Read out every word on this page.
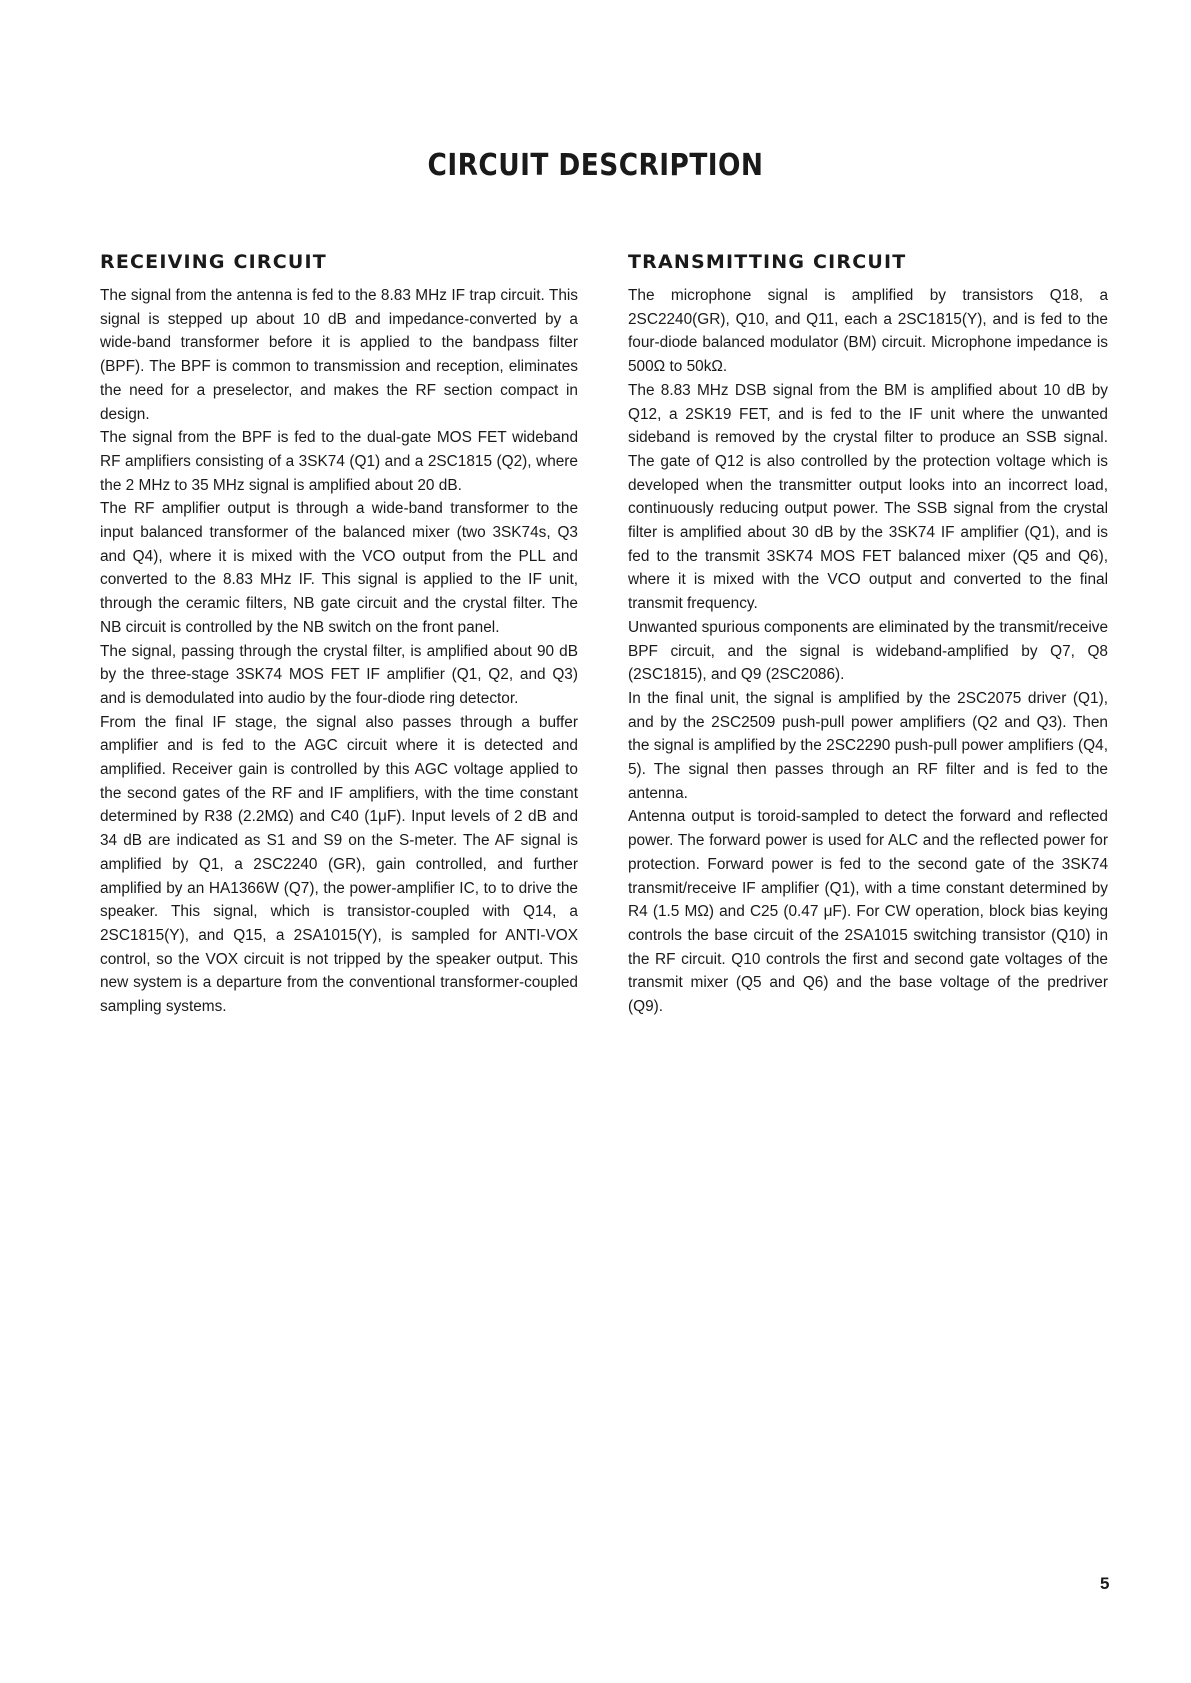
CIRCUIT DESCRIPTION
RECEIVING CIRCUIT

The signal from the antenna is fed to the 8.83 MHz IF trap circuit. This signal is stepped up about 10 dB and impedance-converted by a wide-band transformer before it is applied to the bandpass filter (BPF). The BPF is common to transmission and reception, eliminates the need for a preselector, and makes the RF section compact in design.

The signal from the BPF is fed to the dual-gate MOS FET wideband RF amplifiers consisting of a 3SK74 (Q1) and a 2SC1815 (Q2), where the 2 MHz to 35 MHz signal is amplified about 20 dB.

The RF amplifier output is through a wide-band transformer to the input balanced transformer of the balanced mixer (two 3SK74s, Q3 and Q4), where it is mixed with the VCO output from the PLL and converted to the 8.83 MHz IF. This signal is applied to the IF unit, through the ceramic filters, NB gate circuit and the crystal filter. The NB circuit is controlled by the NB switch on the front panel.

The signal, passing through the crystal filter, is amplified about 90 dB by the three-stage 3SK74 MOS FET IF amplifier (Q1, Q2, and Q3) and is demodulated into audio by the four-diode ring detector.

From the final IF stage, the signal also passes through a buffer amplifier and is fed to the AGC circuit where it is detected and amplified. Receiver gain is controlled by this AGC voltage applied to the second gates of the RF and IF amplifiers, with the time constant determined by R38 (2.2MΩ) and C40 (1μF). Input levels of 2 dB and 34 dB are indicated as S1 and S9 on the S-meter. The AF signal is amplified by Q1, a 2SC2240 (GR), gain controlled, and further amplified by an HA1366W (Q7), the power-amplifier IC, to to drive the speaker. This signal, which is transistor-coupled with Q14, a 2SC1815(Y), and Q15, a 2SA1015(Y), is sampled for ANTI-VOX control, so the VOX circuit is not tripped by the speaker output. This new system is a departure from the conventional transformer-coupled sampling systems.

TRANSMITTING CIRCUIT

The microphone signal is amplified by transistors Q18, a 2SC2240(GR), Q10, and Q11, each a 2SC1815(Y), and is fed to the four-diode balanced modulator (BM) circuit. Microphone impedance is 500Ω to 50kΩ.

The 8.83 MHz DSB signal from the BM is amplified about 10 dB by Q12, a 2SK19 FET, and is fed to the IF unit where the unwanted sideband is removed by the crystal filter to produce an SSB signal. The gate of Q12 is also controlled by the protection voltage which is developed when the transmitter output looks into an incorrect load, continuously reducing output power. The SSB signal from the crystal filter is amplified about 30 dB by the 3SK74 IF amplifier (Q1), and is fed to the transmit 3SK74 MOS FET balanced mixer (Q5 and Q6), where it is mixed with the VCO output and converted to the final transmit frequency.

Unwanted spurious components are eliminated by the transmit/receive BPF circuit, and the signal is wideband-amplified by Q7, Q8 (2SC1815), and Q9 (2SC2086).

In the final unit, the signal is amplified by the 2SC2075 driver (Q1), and by the 2SC2509 push-pull power amplifiers (Q2 and Q3). Then the signal is amplified by the 2SC2290 push-pull power amplifiers (Q4, 5). The signal then passes through an RF filter and is fed to the antenna.

Antenna output is toroid-sampled to detect the forward and reflected power. The forward power is used for ALC and the reflected power for protection. Forward power is fed to the second gate of the 3SK74 transmit/receive IF amplifier (Q1), with a time constant determined by R4 (1.5 MΩ) and C25 (0.47 μF). For CW operation, block bias keying controls the base circuit of the 2SA1015 switching transistor (Q10) in the RF circuit. Q10 controls the first and second gate voltages of the transmit mixer (Q5 and Q6) and the base voltage of the predriver (Q9).

5
